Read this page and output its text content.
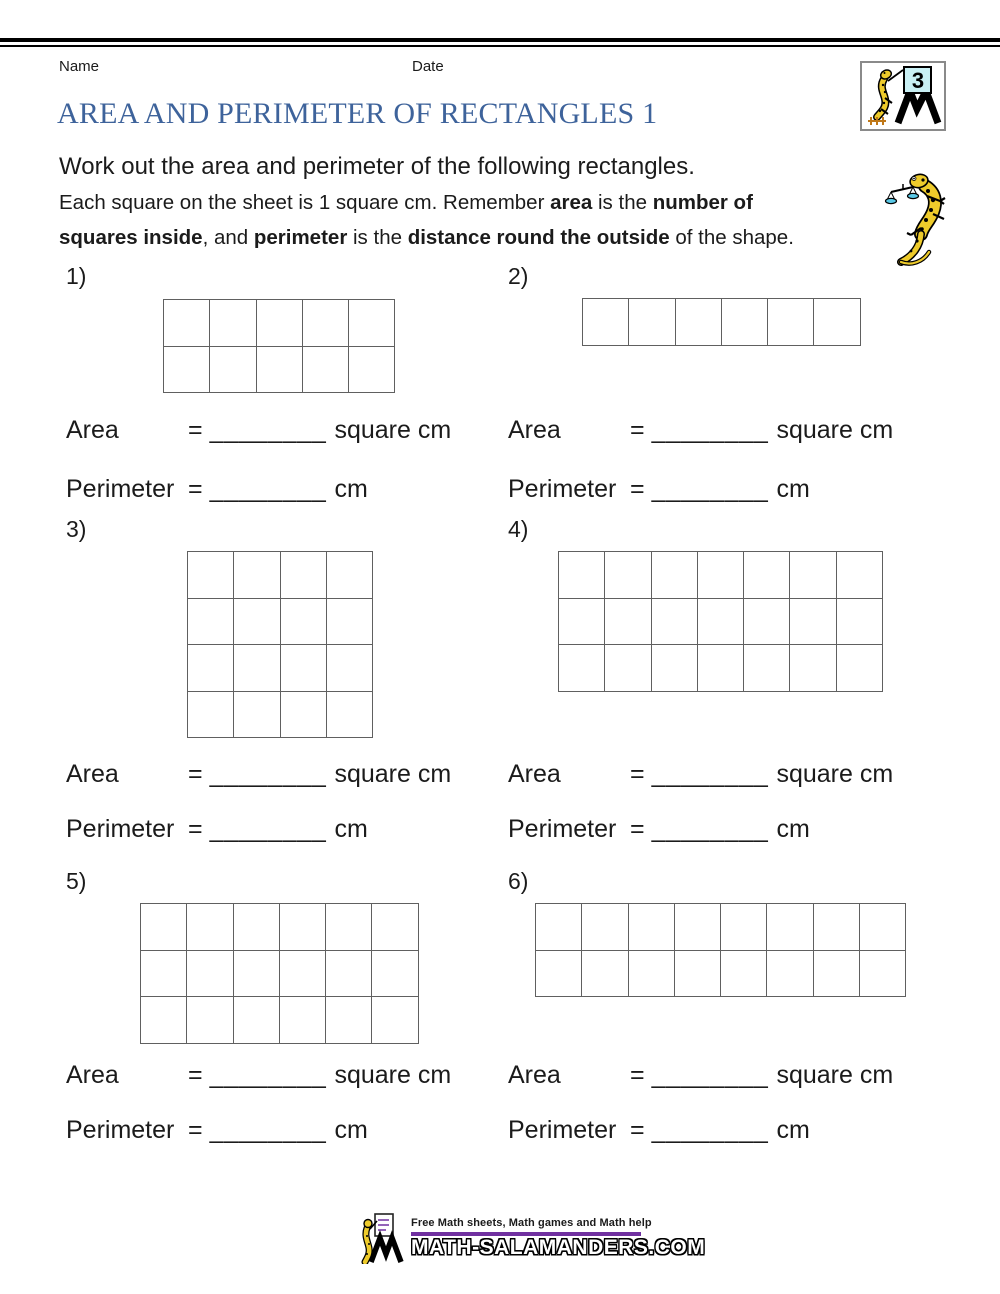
Name	Date
3
AREA AND PERIMETER OF RECTANGLES 1
Work out the area and perimeter of the following rectangles.
Each square on the sheet is 1 square cm. Remember area is the number of
squares inside, and perimeter is the distance round the outside of the shape.
1)	2)
3)	4)
5)	6)
Area	= ________ square cm
Perimeter = ________ cm
Area	= ________ square cm
Perimeter = ________ cm
Area	= ________ square cm
Perimeter = ________ cm
Area	= ________ square cm
Perimeter = ________ cm
Area	= ________ square cm
Perimeter = ________ cm
Area	= ________ square cm
Perimeter = ________ cm
Free Math sheets, Math games and Math help
MATH-SALAMANDERS.COM
